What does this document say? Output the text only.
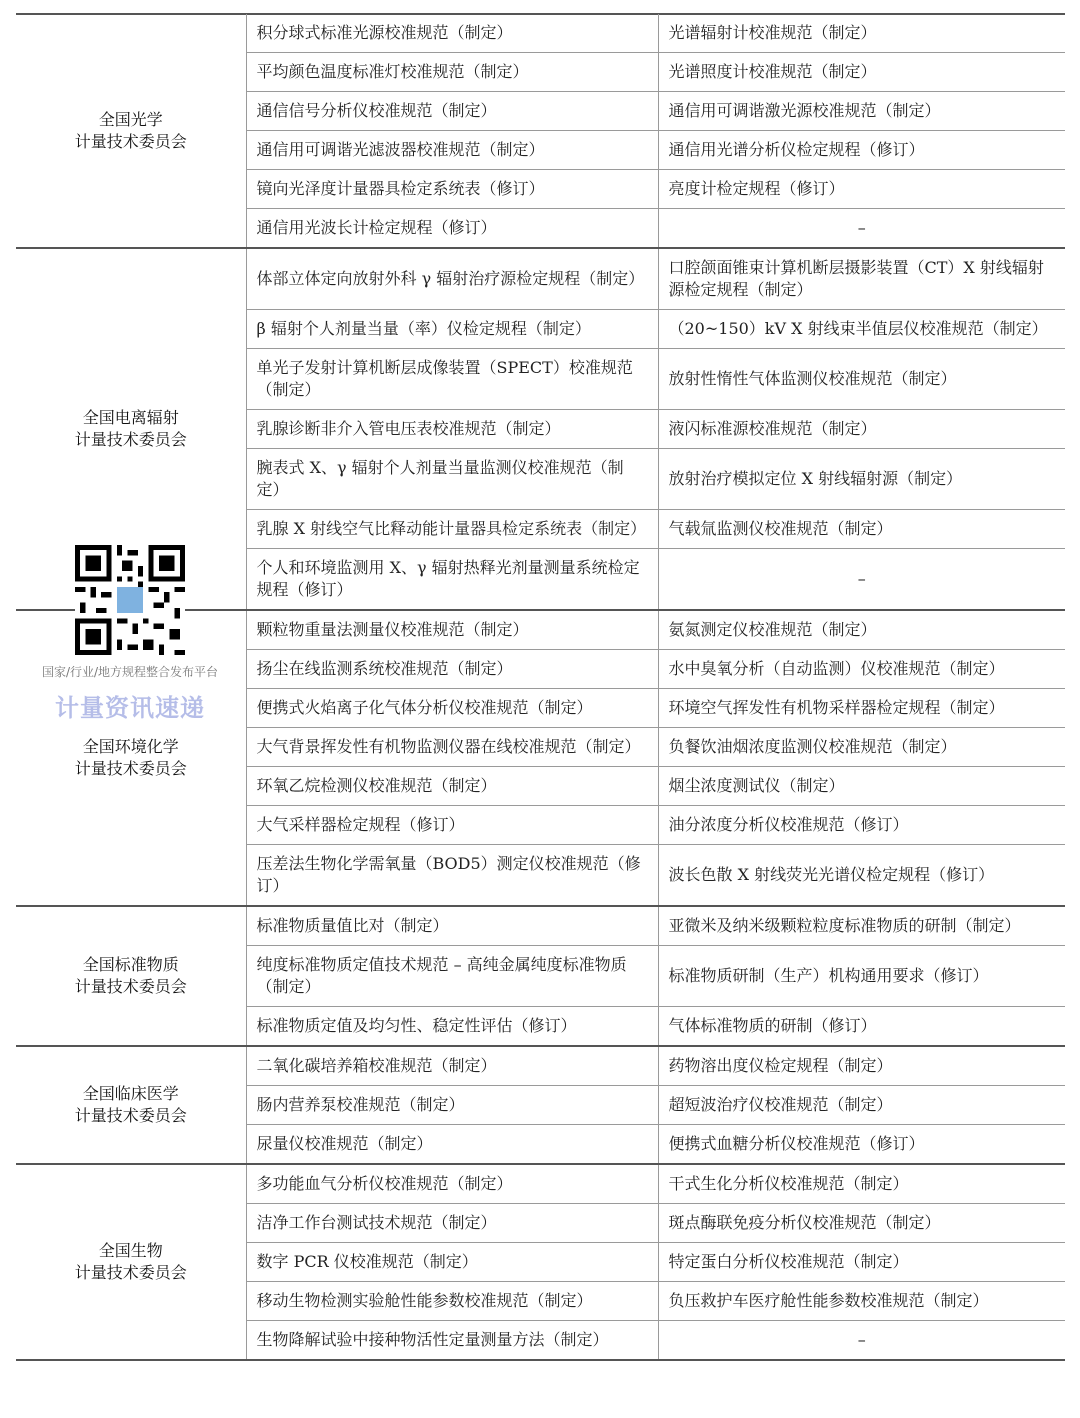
全国光学
计量技术委员会	积分球式标准光源校准规范（制定）	光谱辐射计校准规范（制定）
	平均颜色温度标准灯校准规范（制定）	光谱照度计校准规范（制定）
	通信信号分析仪校准规范（制定）	通信用可调谐激光源校准规范（制定）
	通信用可调谐光滤波器校准规范（制定）	通信用光谱分析仪检定规程（修订）
	镜向光泽度计量器具检定系统表（修订）	亮度计检定规程（修订）
	通信用光波长计检定规程（修订）	–
全国电离辐射
计量技术委员会	体部立体定向放射外科 γ 辐射治疗源检定规程（制定）	口腔颌面锥束计算机断层摄影装置（CT）X 射线辐射源检定规程（制定）
	β 辐射个人剂量当量（率）仪检定规程（制定）	（20~150）kV X 射线束半值层仪校准规范（制定）
	单光子发射计算机断层成像装置（SPECT）校准规范（制定）	放射性惰性气体监测仪校准规范（制定）
	乳腺诊断非介入管电压表校准规范（制定）	液闪标准源校准规范（制定）
	腕表式 X、γ 辐射个人剂量当量监测仪校准规范（制定）	放射治疗模拟定位 X 射线辐射源（制定）
	乳腺 X 射线空气比释动能计量器具检定系统表（制定）	气载氚监测仪校准规范（制定）
	个人和环境监测用 X、γ 辐射热释光剂量测量系统检定规程（修订）	–
全国环境化学
计量技术委员会	颗粒物重量法测量仪校准规范（制定）	氨氮测定仪校准规范（制定）
	扬尘在线监测系统校准规范（制定）	水中臭氧分析（自动监测）仪校准规范（制定）
	便携式火焰离子化气体分析仪校准规范（制定）	环境空气挥发性有机物采样器检定规程（制定）
	大气背景挥发性有机物监测仪器在线校准规范（制定）	负餐饮油烟浓度监测仪校准规范（制定）
	环氧乙烷检测仪校准规范（制定）	烟尘浓度测试仪（制定）
	大气采样器检定规程（修订）	油分浓度分析仪校准规范（修订）
	压差法生物化学需氧量（BOD5）测定仪校准规范（修订）	波长色散 X 射线荧光光谱仪检定规程（修订）
全国标准物质
计量技术委员会	标准物质量值比对（制定）	亚微米及纳米级颗粒粒度标准物质的研制（制定）
	纯度标准物质定值技术规范 – 高纯金属纯度标准物质（制定）	标准物质研制（生产）机构通用要求（修订）
	标准物质定值及均匀性、稳定性评估（修订）	气体标准物质的研制（修订）
全国临床医学
计量技术委员会	二氧化碳培养箱校准规范（制定）	药物溶出度仪检定规程（制定）
	肠内营养泵校准规范（制定）	超短波治疗仪校准规范（制定）
	尿量仪校准规范（制定）	便携式血糖分析仪校准规范（修订）
全国生物
计量技术委员会	多功能血气分析仪校准规范（制定）	干式生化分析仪校准规范（制定）
	洁净工作台测试技术规范（制定）	斑点酶联免疫分析仪校准规范（制定）
	数字 PCR 仪校准规范（制定）	特定蛋白分析仪校准规范（制定）
	移动生物检测实验舱性能参数校准规范（制定）	负压救护车医疗舱性能参数校准规范（制定）
	生物降解试验中接种物活性定量测量方法（制定）	–
国家/行业/地方规程整合发布平台
计量资讯速递
